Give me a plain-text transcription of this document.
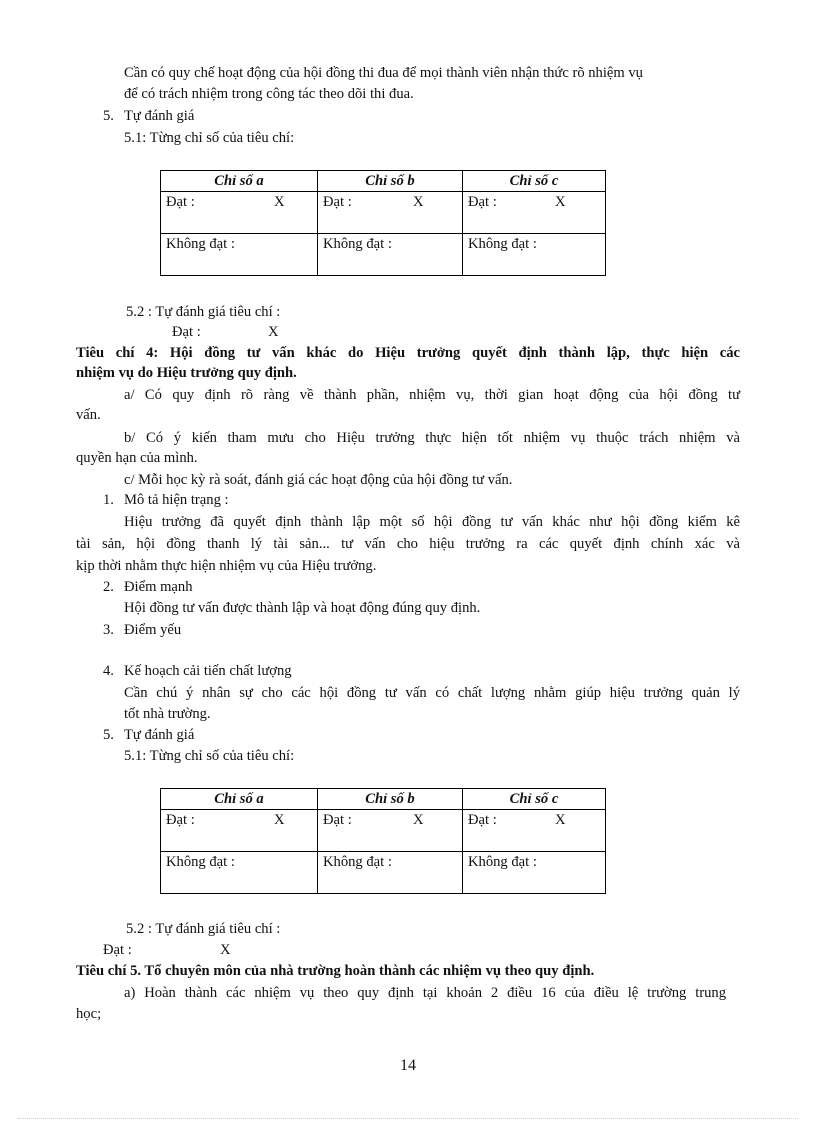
Cần có quy chế hoạt động của hội đồng thi đua để mọi thành viên nhận thức rõ nhiệm vụ
để có trách nhiệm trong công tác theo dõi thi đua.
5. Tự đánh giá
5.1: Từng chỉ số của tiêu chí:
Chỉ số a	Chỉ số b	Chỉ số c
Đạt : X	Đạt : X	Đạt : X

Không đạt :	Không đạt :	Không đạt :
5.2 : Tự đánh giá tiêu chí :
Đạt :	X
Tiêu chí 4: Hội đồng tư vấn khác do Hiệu trưởng quyết định thành lập, thực hiện các
nhiệm vụ do Hiệu trưởng quy định.
a/ Có quy định rõ ràng về thành phần, nhiệm vụ, thời gian hoạt động của hội đồng tư
vấn.
b/ Có ý kiến tham mưu cho Hiệu trưởng thực hiện tốt nhiệm vụ thuộc trách nhiệm và
quyền hạn của mình.
c/ Mỗi học kỳ rà soát, đánh giá các hoạt động của hội đồng tư vấn.
1. Mô tả hiện trạng :
Hiệu trưởng đã quyết định thành lập một số hội đồng tư vấn khác như hội đồng kiểm kê
tài sản, hội đồng thanh lý tài sản... tư vấn cho hiệu trưởng ra các quyết định chính xác và
kịp thời nhằm thực hiện nhiệm vụ của Hiệu trưởng.
2. Điểm mạnh
Hội đồng tư vấn được thành lập và hoạt động đúng quy định.
3. Điểm yếu
4. Kế hoạch cải tiến chất lượng
Cần chú ý nhân sự cho các hội đồng tư vấn có chất lượng nhằm giúp hiệu trưởng quản lý
tốt nhà trường.
5. Tự đánh giá
5.1: Từng chỉ số của tiêu chí:
Chỉ số a	Chỉ số b	Chỉ số c
Đạt : X	Đạt : X	Đạt : X

Không đạt :	Không đạt :	Không đạt :
5.2 : Tự đánh giá tiêu chí :
Đạt :	X
Tiêu chí 5. Tổ chuyên môn của nhà trường hoàn thành các nhiệm vụ theo quy định.
a) Hoàn thành các nhiệm vụ theo quy định tại khoản 2 điều 16 của điều lệ trường trung
học;
14
